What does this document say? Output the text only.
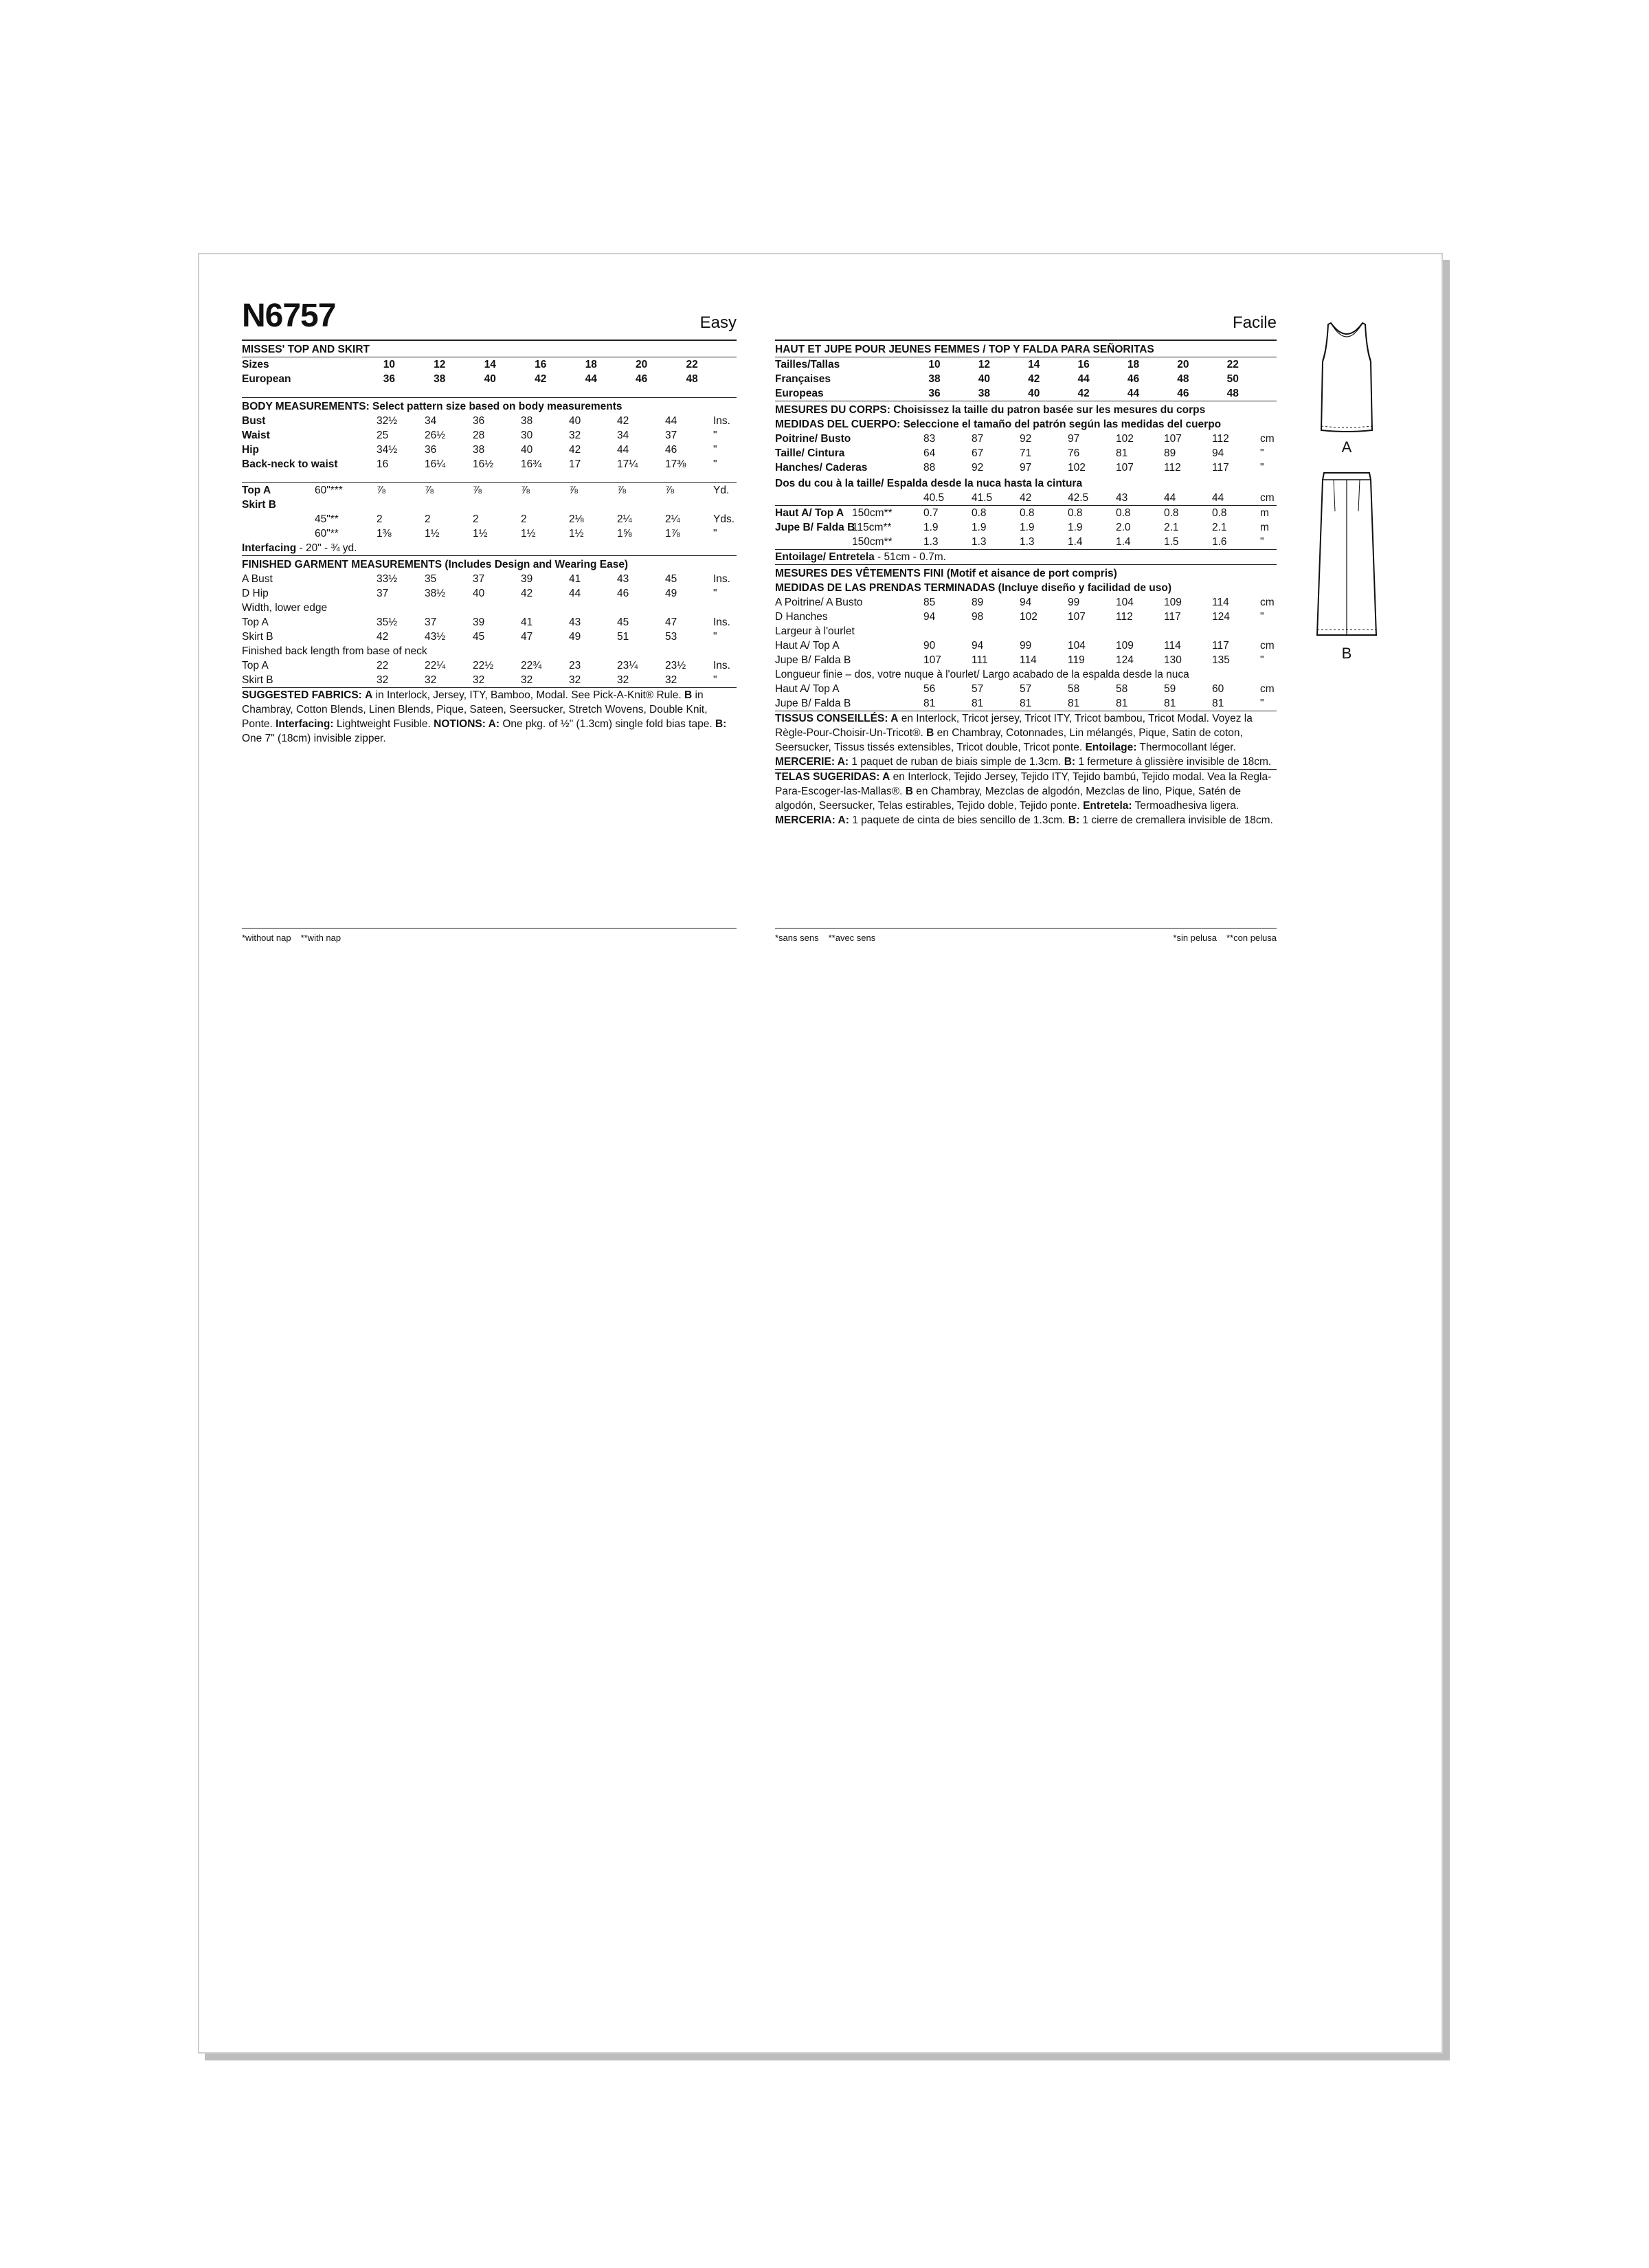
N6757	Easy
MISSES' TOP AND SKIRT
Sizes	10	12	14	16	18	20	22
European	36	38	40	42	44	46	48
BODY MEASUREMENTS: Select pattern size based on body measurements
Bust	32½	34	36	38	40	42	44	Ins.
Waist	25	26½	28	30	32	34	37	"
Hip	34½	36	38	40	42	44	46	"
Back-neck to waist	16	16¼	16½	16¾	17	17¼	17⅜	"
Top A	60"***	⅞	⅞	⅞	⅞	⅞	⅞	⅞	Yd.
Skirt B									
	45"**	2	2	2	2	2⅛	2¼	2¼	Yds.
	60"**	1⅜	1½	1½	1½	1½	1⅝	1⅞	"
Interfacing - 20" - ¾ yd.
FINISHED GARMENT MEASUREMENTS (Includes Design and Wearing Ease)
A Bust	33½	35	37	39	41	43	45	Ins.
D Hip	37	38½	40	42	44	46	49	"
Width, lower edge								
Top A	35½	37	39	41	43	45	47	Ins.
Skirt B	42	43½	45	47	49	51	53	"
Finished back length from base of neck								
Top A	22	22¼	22½	22¾	23	23¼	23½	Ins.
Skirt B	32	32	32	32	32	32	32	"
SUGGESTED FABRICS: A in Interlock, Jersey, ITY, Bamboo, Modal. See Pick-A-Knit® Rule. B in Chambray, Cotton Blends, Linen Blends, Pique, Sateen, Seersucker, Stretch Wovens, Double Knit, Ponte. Interfacing: Lightweight Fusible. NOTIONS: A: One pkg. of ½" (1.3cm) single fold bias tape. B: One 7" (18cm) invisible zipper.
*without nap **with nap
Facile
HAUT ET JUPE POUR JEUNES FEMMES / TOP Y FALDA PARA SEÑORITAS
Tailles/Tallas	10	12	14	16	18	20	22
Françaises	38	40	42	44	46	48	50
Europeas	36	38	40	42	44	46	48
MESURES DU CORPS: Choisissez la taille du patron basée sur les mesures du corps
MEDIDAS DEL CUERPO: Seleccione el tamaño del patrón según las medidas del cuerpo
Poitrine/ Busto	83	87	92	97	102	107	112	cm
Taille/ Cintura	64	67	71	76	81	89	94	"
Hanches/ Caderas	88	92	97	102	107	112	117	"
Dos du cou à la taille/ Espalda desde la nuca hasta la cintura
	40.5	41.5	42	42.5	43	44	44	cm
Haut A/ Top A	150cm**	0.7	0.8	0.8	0.8	0.8	0.8	0.8	m
Jupe B/ Falda B	115cm**	1.9	1.9	1.9	1.9	2.0	2.1	2.1	m
	150cm**	1.3	1.3	1.3	1.4	1.4	1.5	1.6	"
Entoilage/ Entretela - 51cm - 0.7m.
MESURES DES VÊTEMENTS FINI (Motif et aisance de port compris)
MEDIDAS DE LAS PRENDAS TERMINADAS (Incluye diseño y facilidad de uso)
A Poitrine/ A Busto	85	89	94	99	104	109	114	cm
D Hanches	94	98	102	107	112	117	124	"
Largeur à l'ourlet								
Haut A/ Top A	90	94	99	104	109	114	117	cm
Jupe B/ Falda B	107	111	114	119	124	130	135	"
Longueur finie – dos, votre nuque à l'ourlet/ Largo acabado de la espalda desde la nuca								
Haut A/ Top A	56	57	57	58	58	59	60	cm
Jupe B/ Falda B	81	81	81	81	81	81	81	"
TISSUS CONSEILLÉS: A en Interlock, Tricot jersey, Tricot ITY, Tricot bambou, Tricot Modal. Voyez la Règle-Pour-Choisir-Un-Tricot®. B en Chambray, Cotonnades, Lin mélangés, Pique, Satin de coton, Seersucker, Tissus tissés extensibles, Tricot double, Tricot ponte. Entoilage: Thermocollant léger. MERCERIE: A: 1 paquet de ruban de biais simple de 1.3cm. B: 1 fermeture à glissière invisible de 18cm.
TELAS SUGERIDAS: A en Interlock, Tejido Jersey, Tejido ITY, Tejido bambú, Tejido modal. Vea la Regla-Para-Escoger-las-Mallas®. B en Chambray, Mezclas de algodón, Mezclas de lino, Pique, Satén de algodón, Seersucker, Telas estirables, Tejido doble, Tejido ponte. Entretela: Termoadhesiva ligera. MERCERIA: A: 1 paquete de cinta de bies sencillo de 1.3cm. B: 1 cierre de cremallera invisible de 18cm.
*sans sens **avec sens	*sin pelusa **con pelusa
A
B
